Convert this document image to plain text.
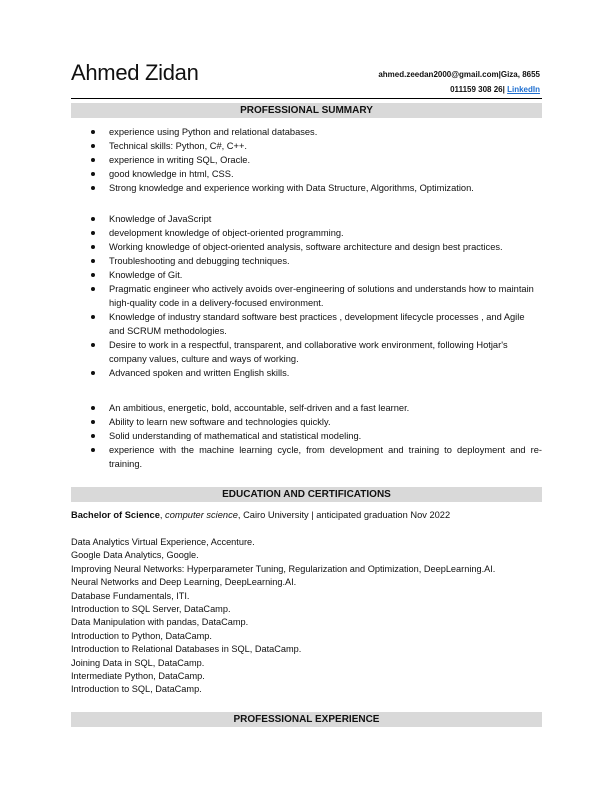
Ahmed Zidan	ahmed.zeedan2000@gmail.com|Giza, 8655
011159 308 26| LinkedIn
PROFESSIONAL SUMMARY
experience using Python and relational databases.
Technical skills: Python, C#, C++.
experience in writing SQL, Oracle.
good knowledge in html, CSS.
Strong knowledge and experience working with Data Structure, Algorithms, Optimization.
Knowledge of JavaScript
development knowledge of object-oriented programming.
Working knowledge of object-oriented analysis, software architecture and design best practices.
Troubleshooting and debugging techniques.
Knowledge of Git.
Pragmatic engineer who actively avoids over-engineering of solutions and understands how to maintain high-quality code in a delivery-focused environment.
Knowledge of industry standard software best practices , development lifecycle processes , and Agile and SCRUM methodologies.
Desire to work in a respectful, transparent, and collaborative work environment, following Hotjar's company values, culture and ways of working.
Advanced spoken and written English skills.
An ambitious, energetic, bold, accountable, self-driven and a fast learner.
Ability to learn new software and technologies quickly.
Solid understanding of mathematical and statistical modeling.
experience with the machine learning cycle, from development and training to deployment and re-training.
EDUCATION AND CERTIFICATIONS
Bachelor of Science, computer science, Cairo University | anticipated graduation Nov 2022
Data Analytics Virtual Experience, Accenture.
Google Data Analytics, Google.
Improving Neural Networks: Hyperparameter Tuning, Regularization and Optimization, DeepLearning.AI.
Neural Networks and Deep Learning, DeepLearning.AI.
Database Fundamentals, ITI.
Introduction to SQL Server, DataCamp.
Data Manipulation with pandas, DataCamp.
Introduction to Python, DataCamp.
Introduction to Relational Databases in SQL, DataCamp.
Joining Data in SQL, DataCamp.
Intermediate Python, DataCamp.
Introduction to SQL, DataCamp.
PROFESSIONAL EXPERIENCE
